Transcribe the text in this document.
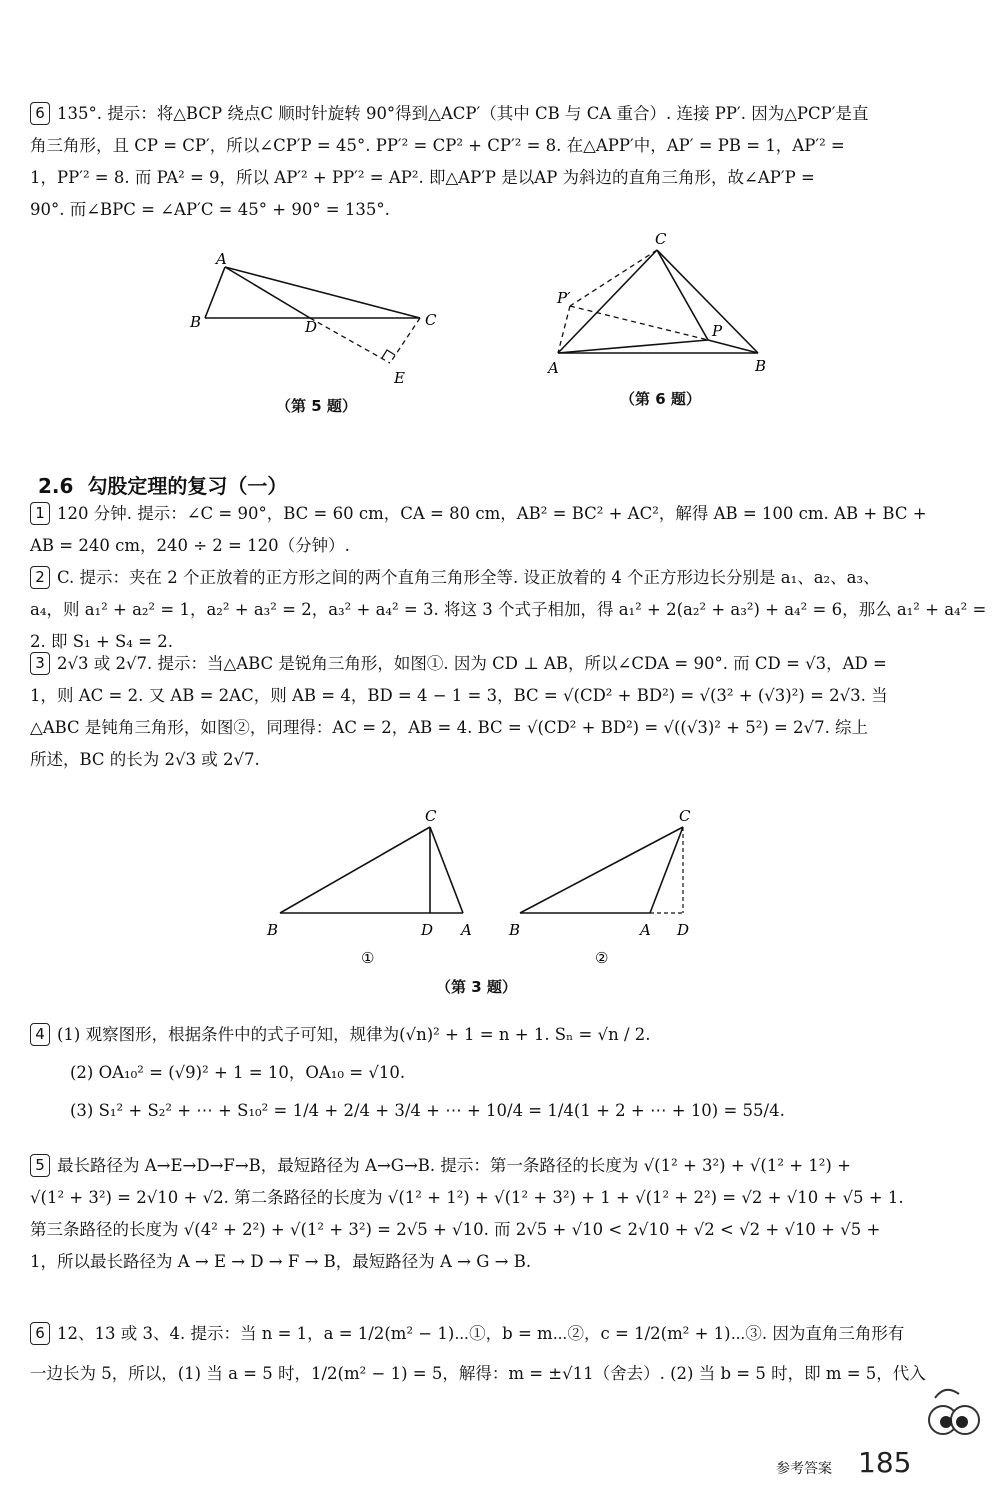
6 135°. 提示：将△BCP 绕点C 顺时针旋转 90°得到△ACP′（其中 CB 与 CA 重合）. 连接 PP′. 因为△PCP′是直
角三角形，且 CP = CP′，所以∠CP′P = 45°. PP′² = CP² + CP′² = 8. 在△APP′中，AP′ = PB = 1，AP′² =
1，PP′² = 8. 而 PA² = 9，所以 AP′² + PP′² = AP². 即△AP′P 是以AP 为斜边的直角三角形，故∠AP′P =
90°. 而∠BPC = ∠AP′C = 45° + 90° = 135°.
A
B	D	C
E
（第 5 题）
C
P′
P
A	B
（第 6 题）
2.6 勾股定理的复习（一）
1 120 分钟. 提示：∠C = 90°，BC = 60 cm，CA = 80 cm，AB² = BC² + AC²，解得 AB = 100 cm. AB + BC +
AB = 240 cm，240 ÷ 2 = 120（分钟）.
2 C. 提示：夹在 2 个正放着的正方形之间的两个直角三角形全等. 设正放着的 4 个正方形边长分别是 a₁、a₂、a₃、
a₄，则 a₁² + a₂² = 1，a₂² + a₃² = 2，a₃² + a₄² = 3. 将这 3 个式子相加，得 a₁² + 2(a₂² + a₃²) + a₄² = 6，那么 a₁² + a₄² =
2. 即 S₁ + S₄ = 2.
3 2√3 或 2√7. 提示：当△ABC 是锐角三角形，如图①. 因为 CD ⊥ AB，所以∠CDA = 90°. 而 CD = √3，AD =
1，则 AC = 2. 又 AB = 2AC，则 AB = 4，BD = 4 − 1 = 3，BC = √(CD² + BD²) = √(3² + (√3)²) = 2√3. 当
△ABC 是钝角三角形，如图②，同理得：AC = 2，AB = 4. BC = √(CD² + BD²) = √((√3)² + 5²) = 2√7. 综上
所述，BC 的长为 2√3 或 2√7.
C
B	D A
①
C
B	A D
②
（第 3 题）
4 (1) 观察图形，根据条件中的式子可知，规律为(√n)² + 1 = n + 1. Sₙ = √n / 2.
(2) OA₁₀² = (√9)² + 1 = 10，OA₁₀ = √10.
(3) S₁² + S₂² + ⋯ + S₁₀² = 1/4 + 2/4 + 3/4 + ⋯ + 10/4 = 1/4(1 + 2 + ⋯ + 10) = 55/4.
5 最长路径为 A→E→D→F→B，最短路径为 A→G→B. 提示：第一条路径的长度为 √(1² + 3²) + √(1² + 1²) +
√(1² + 3²) = 2√10 + √2. 第二条路径的长度为 √(1² + 1²) + √(1² + 3²) + 1 + √(1² + 2²) = √2 + √10 + √5 + 1.
第三条路径的长度为 √(4² + 2²) + √(1² + 3²) = 2√5 + √10. 而 2√5 + √10 < 2√10 + √2 < √2 + √10 + √5 +
1，所以最长路径为 A → E → D → F → B，最短路径为 A → G → B.
6 12、13 或 3、4. 提示：当 n = 1，a = 1/2(m² − 1)⋯①，b = m⋯②，c = 1/2(m² + 1)⋯③. 因为直角三角形有
一边长为 5，所以，(1) 当 a = 5 时，1/2(m² − 1) = 5，解得：m = ±√11（舍去）. (2) 当 b = 5 时，即 m = 5，代入
参考答案 185
